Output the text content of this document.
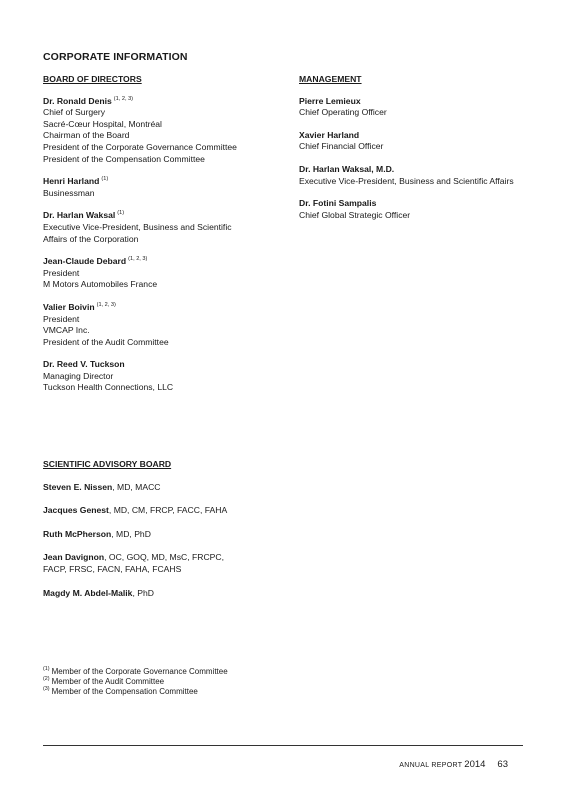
CORPORATE INFORMATION
BOARD OF DIRECTORS
Dr. Ronald Denis $^{(1, 2, 3)}$
Chief of Surgery
Sacré-Cœur Hospital, Montréal
Chairman of the Board
President of the Corporate Governance Committee
President of the Compensation Committee
Henri Harland $^{(1)}$
Businessman
Dr. Harlan Waksal $^{(1)}$
Executive Vice-President, Business and Scientific
Affairs of the Corporation
Jean-Claude Debard $^{(1, 2, 3)}$
President
M Motors Automobiles France
Valier Boivin $^{(1, 2, 3)}$
President
VMCAP Inc.
President of the Audit Committee
Dr. Reed V. Tuckson
Managing Director
Tuckson Health Connections, LLC
MANAGEMENT
Pierre Lemieux
Chief Operating Officer
Xavier Harland
Chief Financial Officer
Dr. Harlan Waksal, M.D.
Executive Vice-President, Business and Scientific Affairs
Dr. Fotini Sampalis
Chief Global Strategic Officer
SCIENTIFIC ADVISORY BOARD
Steven E. Nissen, MD, MACC
Jacques Genest, MD, CM, FRCP, FACC, FAHA
Ruth McPherson, MD, PhD
Jean Davignon, OC, GOQ, MD, MsC, FRCPC,
FACP, FRSC, FACN, FAHA, FCAHS
Magdy M. Abdel-Malik, PhD
$^{(1)}$ Member of the Corporate Governance Committee
$^{(2)}$ Member of the Audit Committee
$^{(3)}$ Member of the Compensation Committee
ANNUAL REPORT 2014 63
